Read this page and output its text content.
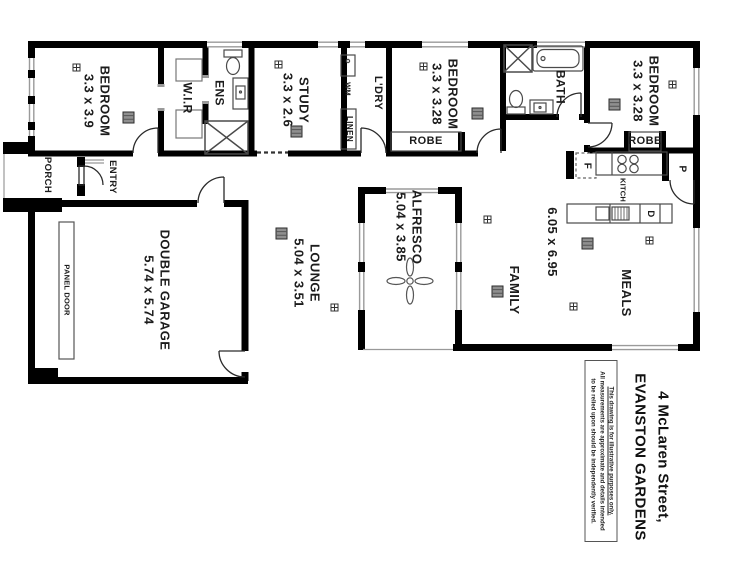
BEDROOM
3.3 x 3.9	W.I.R ENS	STUDY
3.3 x 2.6	WM
LINEN
L'DRY	BEDROOM
3.3 x 3.28
ROBE
BATH	BEDROOM
3.3 x 3.28
ROBE
P
F
KITCH
D
FAMILY
6.05 x 6.95
MEALS
ALFRESCO
5.04 x 3.85
LOUNGE
5.04 x 3.51
DOUBLE GARAGE
5.74 x 5.74
PANEL DOOR
PORCH	ENTRY
4 McLaren Street,
EVANSTON GARDENS
This drawing is for illustrative purposes only.
All measurements are approximate and details intended
to be relied upon should be independently verified.
